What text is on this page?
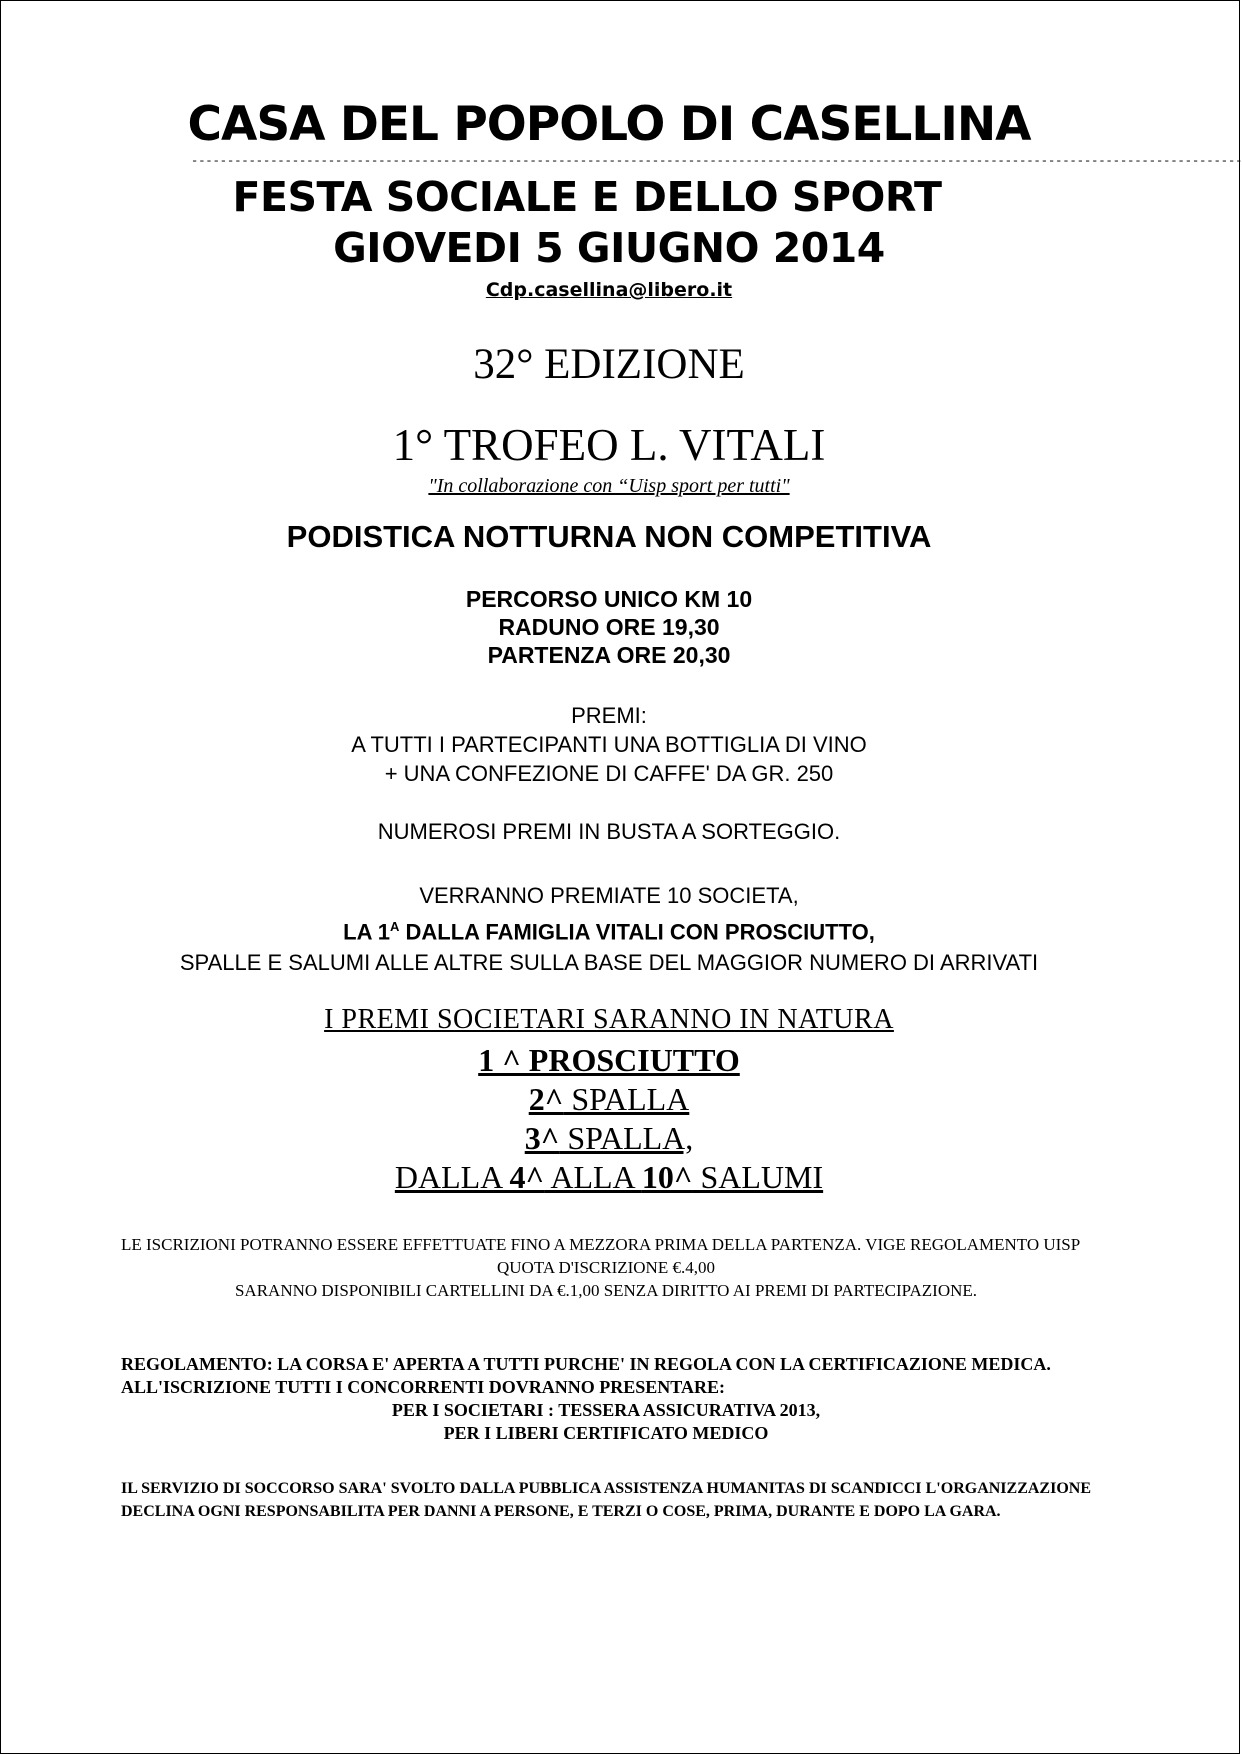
CASA DEL POPOLO DI CASELLINA
--------------------------------------------------------------------------------------------------------------------------------------------------
FESTA SOCIALE E DELLO SPORT
GIOVEDI 5 GIUGNO 2014
Cdp.casellina@libero.it
32° EDIZIONE
1° TROFEO L. VITALI
"In collaborazione con “Uisp sport per tutti"
PODISTICA NOTTURNA NON COMPETITIVA
PERCORSO UNICO KM 10
RADUNO ORE 19,30
PARTENZA ORE 20,30
PREMI:
A TUTTI I PARTECIPANTI UNA BOTTIGLIA DI VINO
+ UNA CONFEZIONE DI CAFFE' DA GR. 250
NUMEROSI PREMI IN BUSTA A SORTEGGIO.
VERRANNO PREMIATE 10 SOCIETA,
LA $1^A$ DALLA FAMIGLIA VITALI CON PROSCIUTTO,
SPALLE E SALUMI ALLE ALTRE SULLA BASE DEL MAGGIOR NUMERO DI ARRIVATI
I PREMI SOCIETARI SARANNO IN NATURA
1 ^ PROSCIUTTO
2^ SPALLA
3^ SPALLA,
DALLA 4^ ALLA 10^ SALUMI
LE ISCRIZIONI POTRANNO ESSERE EFFETTUATE FINO A MEZZORA PRIMA DELLA PARTENZA. VIGE REGOLAMENTO UISP
QUOTA D'ISCRIZIONE €.4,00
SARANNO DISPONIBILI CARTELLINI DA €.1,00 SENZA DIRITTO AI PREMI DI PARTECIPAZIONE.
REGOLAMENTO: LA CORSA E' APERTA A TUTTI PURCHE' IN REGOLA CON LA CERTIFICAZIONE MEDICA. ALL'ISCRIZIONE TUTTI I CONCORRENTI DOVRANNO PRESENTARE:
PER I SOCIETARI : TESSERA ASSICURATIVA 2013,
PER I LIBERI CERTIFICATO MEDICO
IL SERVIZIO DI SOCCORSO SARA' SVOLTO DALLA PUBBLICA ASSISTENZA HUMANITAS DI SCANDICCI L'ORGANIZZAZIONE DECLINA OGNI RESPONSABILITA PER DANNI A PERSONE, E TERZI O COSE, PRIMA, DURANTE E DOPO LA GARA.
